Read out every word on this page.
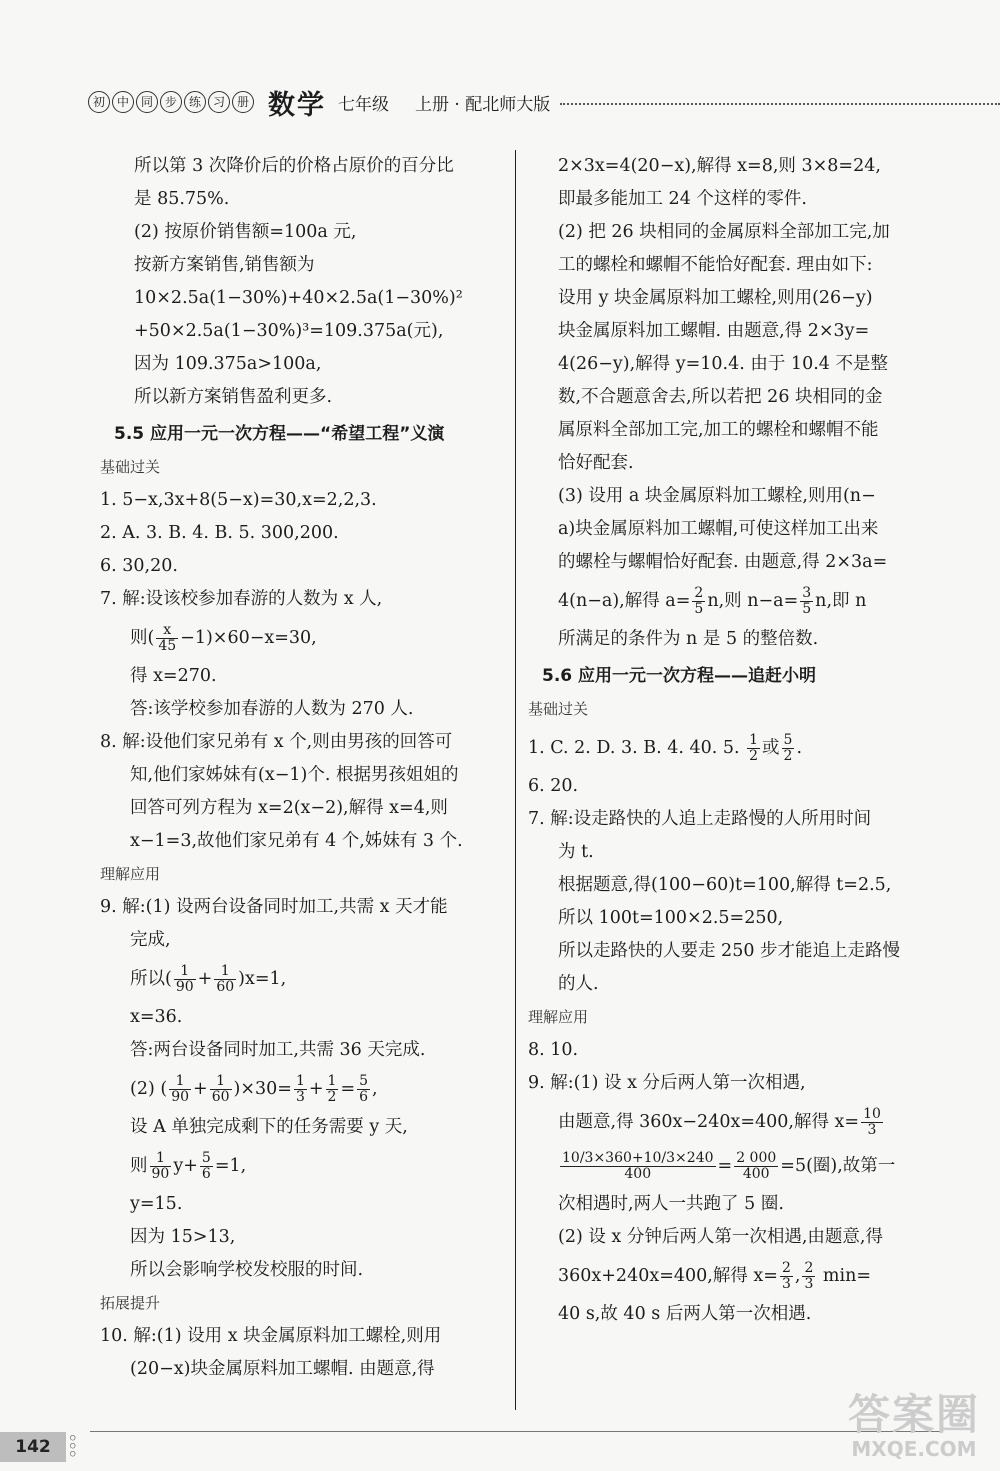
初 中 同 步 练 习 册 数学 七年级 上册 · 配北师大版
所以第 3 次降价后的价格占原价的百分比
是 85.75%.
(2) 按原价销售额=100a 元,
按新方案销售,销售额为
10×2.5a(1−30%)+40×2.5a(1−30%)²
+50×2.5a(1−30%)³=109.375a(元),
因为 109.375a>100a,
所以新方案销售盈利更多.
5.5 应用一元一次方程——“希望工程”义演
基础过关
1. 5−x,3x+8(5−x)=30,x=2,2,3.
2. A. 3. B. 4. B. 5. 300,200.
6. 30,20.
7. 解:设该校参加春游的人数为 x 人,
则( $\frac{x}{45} -1)\times 60-x=30$,
得 x=270.
答:该学校参加春游的人数为 270 人.
8. 解:设他们家兄弟有 x 个,则由男孩的回答可
知,他们家姊妹有(x−1)个. 根据男孩姐姐的
回答可列方程为 x=2(x−2),解得 x=4,则
x−1=3,故他们家兄弟有 4 个,姊妹有 3 个.
理解应用
9. 解:(1) 设两台设备同时加工,共需 x 天才能
完成,
所以( $\frac{1}{90} + \frac{1}{60} )x=1$,
x=36.
答:两台设备同时加工,共需 36 天完成.
(2) ( $\frac{1}{90} + \frac{1}{60} )\times 30= \frac{1}{3} + \frac{1}{2} = \frac{5}{6}$ ,
设 A 单独完成剩下的任务需要 y 天,
则 $\frac{1}{90} y+ \frac{5}{6} =1$,
y=15.
因为 15>13,
所以会影响学校发校服的时间.
拓展提升
10. 解:(1) 设用 x 块金属原料加工螺栓,则用
(20−x)块金属原料加工螺帽. 由题意,得
2×3x=4(20−x),解得 x=8,则 3×8=24,
即最多能加工 24 个这样的零件.
(2) 把 26 块相同的金属原料全部加工完,加
工的螺栓和螺帽不能恰好配套. 理由如下:
设用 y 块金属原料加工螺栓,则用(26−y)
块金属原料加工螺帽. 由题意,得 2×3y=
4(26−y),解得 y=10.4. 由于 10.4 不是整
数,不合题意舍去,所以若把 26 块相同的金
属原料全部加工完,加工的螺栓和螺帽不能
恰好配套.
(3) 设用 a 块金属原料加工螺栓,则用(n−
a)块金属原料加工螺帽,可使这样加工出来
的螺栓与螺帽恰好配套. 由题意,得 2×3a=
4(n−a),解得 $a= \frac{2}{5} n$,则 $n-a= \frac{3}{5} n$,即 n
所满足的条件为 n 是 5 的整倍数.
5.6 应用一元一次方程——追赶小明
基础过关
1. C. 2. D. 3. B. 4. 40. 5. $\frac{1}{2}$ 或 $\frac{5}{2}$ .
6. 20.
7. 解:设走路快的人追上走路慢的人所用时间
为 t.
根据题意,得(100−60)t=100,解得 t=2.5,
所以 100t=100×2.5=250,
所以走路快的人要走 250 步才能追上走路慢
的人.
理解应用
8. 10.
9. 解:(1) 设 x 分后两人第一次相遇,
由题意,得 360x−240x=400,解得 $x= \frac{10}{3}$
$\frac{10/3\times 360+10/3\times 240}{400} = \frac{2 000}{400} =5$(圈),故第一
次相遇时,两人一共跑了 5 圈.
(2) 设 x 分钟后两人第一次相遇,由题意,得
360x+240x=400,解得 $x= \frac{2}{3}$ , $\frac{2}{3} \min=$
40 s,故 40 s 后两人第一次相遇.
142	○
○
○
答案圈
MXQE.COM
